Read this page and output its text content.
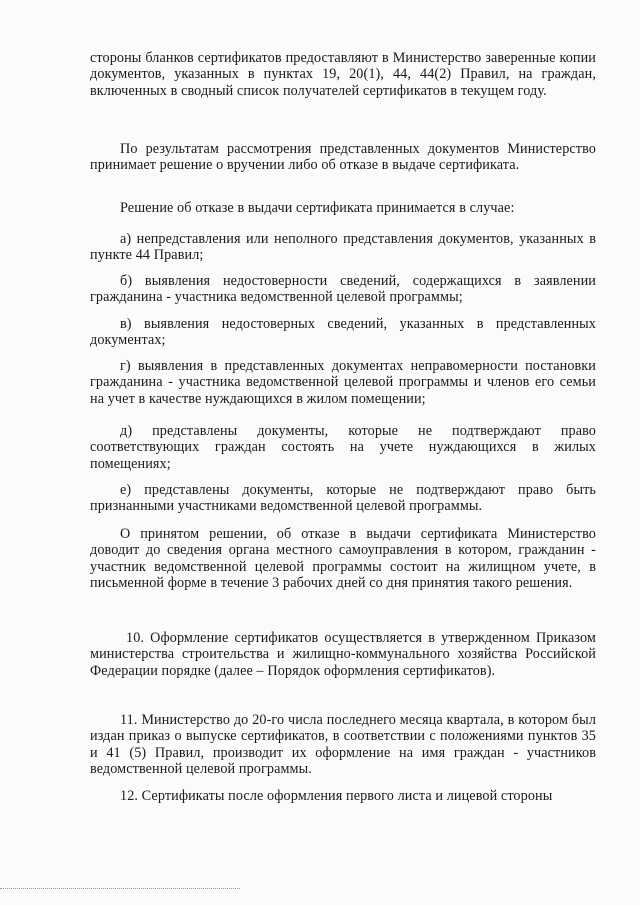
стороны бланков сертификатов предоставляют в Министерство заверенные копии документов, указанных в пунктах 19, 20(1), 44, 44(2) Правил, на граждан, включенных в сводный список получателей сертификатов в текущем году.

По результатам рассмотрения представленных документов Министерство принимает решение о вручении либо об отказе в выдаче сертификата.

Решение об отказе в выдачи сертификата принимается в случае:

а) непредставления или неполного представления документов, указанных в пункте 44 Правил;

б) выявления недостоверности сведений, содержащихся в заявлении гражданина - участника ведомственной целевой программы;

в) выявления недостоверных сведений, указанных в представленных документах;

г) выявления в представленных документах неправомерности постановки гражданина - участника ведомственной целевой программы и членов его семьи на учет в качестве нуждающихся в жилом помещении;

д) представлены документы, которые не подтверждают право соответствующих граждан состоять на учете нуждающихся в жилых помещениях;

е) представлены документы, которые не подтверждают право быть признанными участниками ведомственной целевой программы.

О принятом решении, об отказе в выдачи сертификата Министерство доводит до сведения органа местного самоуправления в котором, гражданин - участник ведомственной целевой программы состоит на жилищном учете, в письменной форме в течение 3 рабочих дней со дня принятия такого решения.

10. Оформление сертификатов осуществляется в утвержденном Приказом министерства строительства и жилищно-коммунального хозяйства Российской Федерации порядке (далее – Порядок оформления сертификатов).

11. Министерство до 20-го числа последнего месяца квартала, в котором был издан приказ о выпуске сертификатов, в соответствии с положениями пунктов 35 и 41 (5) Правил, производит их оформление на имя граждан - участников ведомственной целевой программы.

12. Сертификаты после оформления первого листа и лицевой стороны
